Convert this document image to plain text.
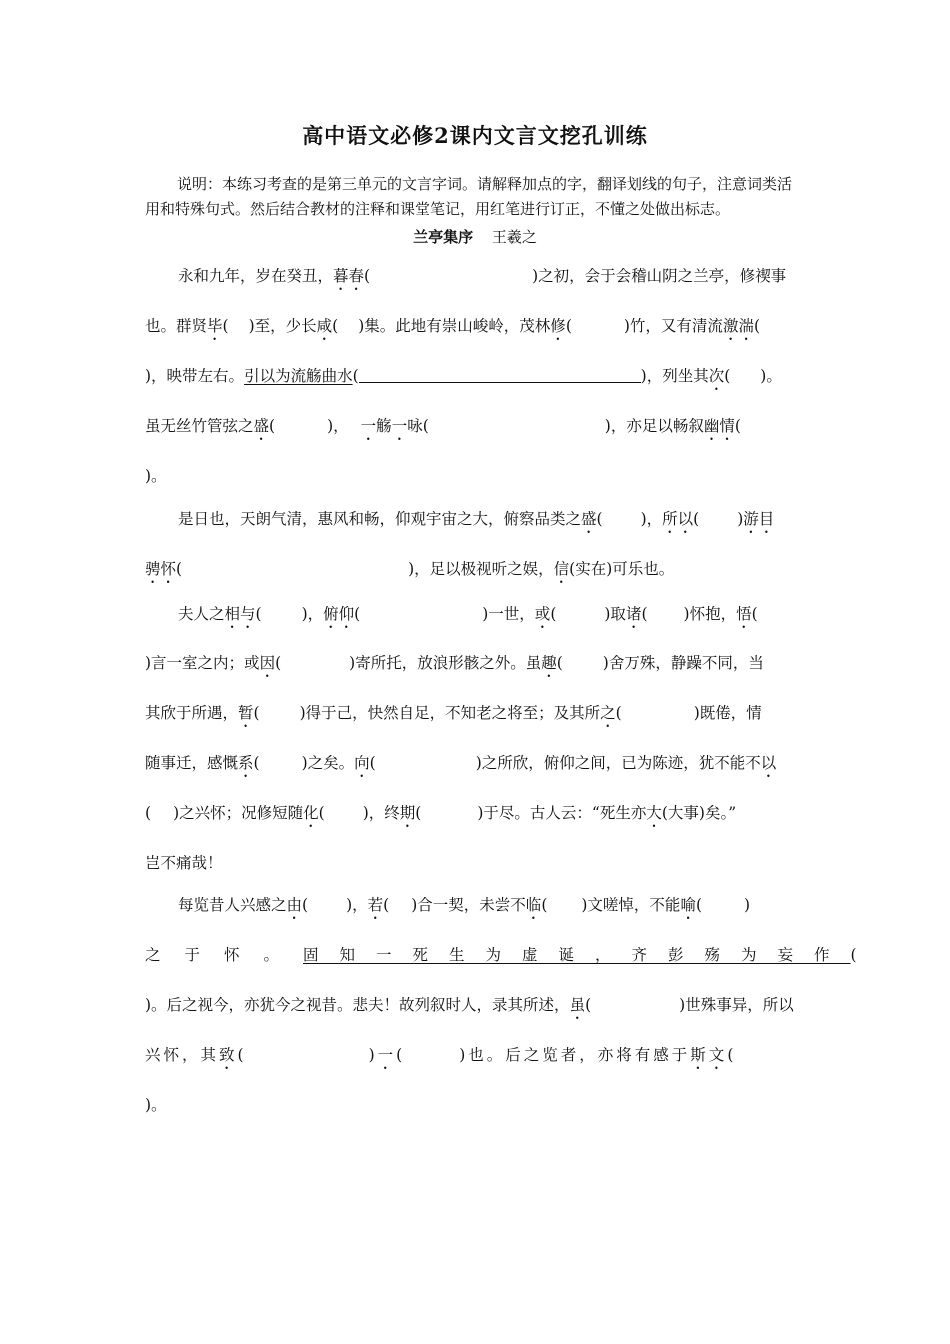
高中语文必修2课内文言文挖孔训练
说明：本练习考查的是第三单元的文言字词。请解释加点的字，翻译划线的句子，注意词类活用和特殊句式。然后结合教材的注释和课堂笔记，用红笔进行订正，不懂之处做出标志。
兰亭集序 王羲之
永和九年，岁在癸丑，暮春(	)之初，会于会稽山阴之兰亭，修禊事
也。群贤毕( )至，少长咸( )集。此地有崇山峻岭，茂林修(	)竹，又有清流激湍(
)，映带左右。引以为流觞曲水(	)，列坐其次( )。
虽无丝竹管弦之盛(	)， 一觞一咏(	)，亦足以畅叙幽情(
)。
是日也，天朗气清，惠风和畅，仰观宇宙之大，俯察品类之盛( )，所以( )游目
骋怀(	)，足以极视听之娱，信(实在)可乐也。
夫人之相与(	)，俯仰(	)一世，或(	)取诸( )怀抱，悟(
)言一室之内；或因(	)寄所托，放浪形骸之外。虽趣(	)舍万殊，静躁不同，当
其欣于所遇，暂(	)得于己，快然自足，不知老之将至；及其所之(	)既倦，情
随事迁，感慨系(	)之矣。向(	)之所欣，俯仰之间，已为陈迹，犹不能不以
( )之兴怀；况修短随化( )，终期(	)于尽。古人云：“死生亦大(大事)矣。”
岂不痛哉！
每览昔人兴感之由( )，若( )合一契，未尝不临( )文嗟悼，不能喻(	)
之于怀。固知一死生为虚诞，齐彭殇为妄作(
)。后之视今，亦犹今之视昔。悲夫！故列叙时人，录其所述，虽(	)世殊事异，所以
兴怀，其致(	)一(	)也。后之览者，亦将有感于斯文(
)。
